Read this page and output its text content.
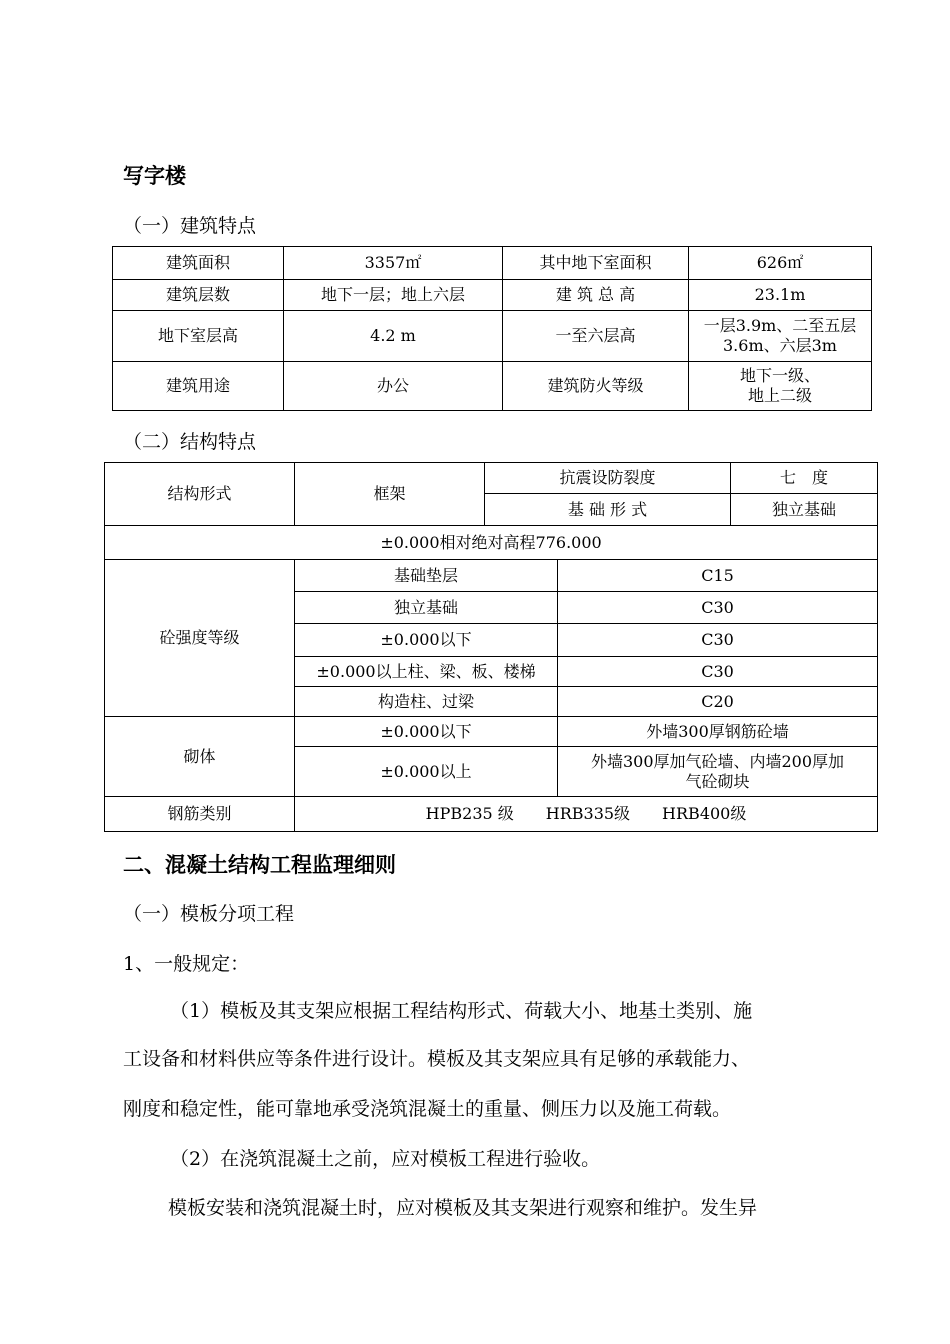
写字楼
（一）建筑特点
建筑面积	3357㎡	其中地下室面积	626㎡
建筑层数	地下一层；地上六层	建 筑 总 高	23.1m
地下室层高	4.2 m	一至六层高	一层3.9m、二至五层
3.6m、六层3m

建筑用途	办公	建筑防火等级	地下一级、
地上二级
（二）结构特点
结构形式	框架	抗震设防裂度		七　度
		基 础 形 式		独立基础
±0.000相对绝对高程776.000				
砼强度等级	基础垫层		C15	
	独立基础		C30	
	±0.000以下		C30	
	±0.000以上柱、梁、板、楼梯		C30	
	构造柱、过梁		C20	
砌体	±0.000以下		外墙300厚钢筋砼墙	
	±0.000以上		外墙300厚加气砼墙、内墙200厚加
气砼砌块	

钢筋类别	HPB235 级　　HRB335级　　HRB400级			
二、混凝土结构工程监理细则
（一）模板分项工程
1、一般规定：
（1）模板及其支架应根据工程结构形式、荷载大小、地基土类别、施
工设备和材料供应等条件进行设计。模板及其支架应具有足够的承载能力、
刚度和稳定性，能可靠地承受浇筑混凝土的重量、侧压力以及施工荷载。
（2）在浇筑混凝土之前，应对模板工程进行验收。
模板安装和浇筑混凝土时，应对模板及其支架进行观察和维护。发生异
